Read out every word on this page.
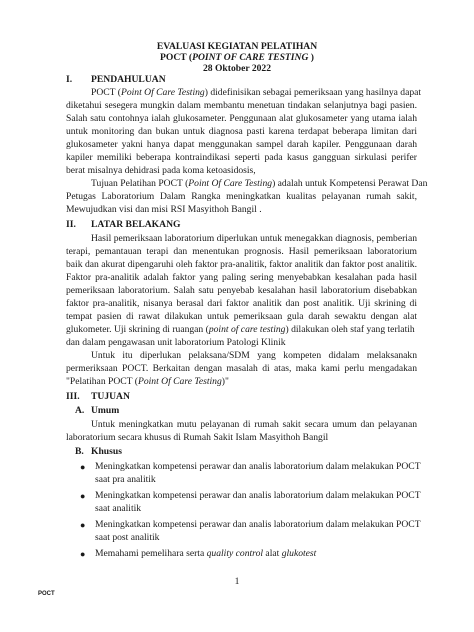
EVALUASI KEGIATAN PELATIHAN
POCT (POINT OF CARE TESTING )
28 Oktober 2022
I. PENDAHULUAN
POCT (Point Of Care Testing) didefinisikan sebagai pemeriksaan yang hasilnya dapat
diketahui sesegera mungkin dalam membantu menetuan tindakan selanjutnya bagi pasien.
Salah satu contohnya ialah glukosameter. Penggunaan alat glukosameter yang utama ialah
untuk monitoring dan bukan untuk diagnosa pasti karena terdapat beberapa limitan dari
glukosameter yakni hanya dapat menggunakan sampel darah kapiler. Penggunaan darah
kapiler memiliki beberapa kontraindikasi seperti pada kasus gangguan sirkulasi perifer
berat misalnya dehidrasi pada koma ketoasidosis,
Tujuan Pelatihan POCT (Point Of Care Testing) adalah untuk Kompetensi Perawat Dan
Petugas Laboratorium Dalam Rangka meningkatkan kualitas pelayanan rumah sakit,
Mewujudkan visi dan misi RSI Masyithoh Bangil .
II. LATAR BELAKANG
Hasil pemeriksaan laboratorium diperlukan untuk menegakkan diagnosis, pemberian
terapi, pemantauan terapi dan menentukan prognosis. Hasil pemeriksaan laboratorium
baik dan akurat dipengaruhi oleh faktor pra-analitik, faktor analitik dan faktor post analitik.
Faktor pra-analitik adalah faktor yang paling sering menyebabkan kesalahan pada hasil
pemeriksaan laboratorium. Salah satu penyebab kesalahan hasil laboratorium disebabkan
faktor pra-analitik, nisanya berasal dari faktor analitik dan post analitik. Uji skrining di
tempat pasien di rawat dilakukan untuk pemeriksaan gula darah sewaktu dengan alat
glukometer. Uji skrining di ruangan (point of care testing) dilakukan oleh staf yang terlatih
dan dalam pengawasan unit laboratorium Patologi Klinik
Untuk itu diperlukan pelaksana/SDM yang kompeten didalam melaksanakn
permeriksaan POCT. Berkaitan dengan masalah di atas, maka kami perlu mengadakan
"Pelatihan POCT (Point Of Care Testing)"
III. TUJUAN
A. Umum
Untuk meningkatkan mutu pelayanan di rumah sakit secara umum dan pelayanan
laboratorium secara khusus di Rumah Sakit Islam Masyithoh Bangil
B. Khusus
● Meningkatkan kompetensi perawar dan analis laboratorium dalam melakukan POCT
saat pra analitik
● Meningkatkan kompetensi perawar dan analis laboratorium dalam melakukan POCT
saat analitik
● Meningkatkan kompetensi perawar dan analis laboratorium dalam melakukan POCT
saat post analitik
● Memahami pemelihara serta quality control alat glukotest
1
POCT
